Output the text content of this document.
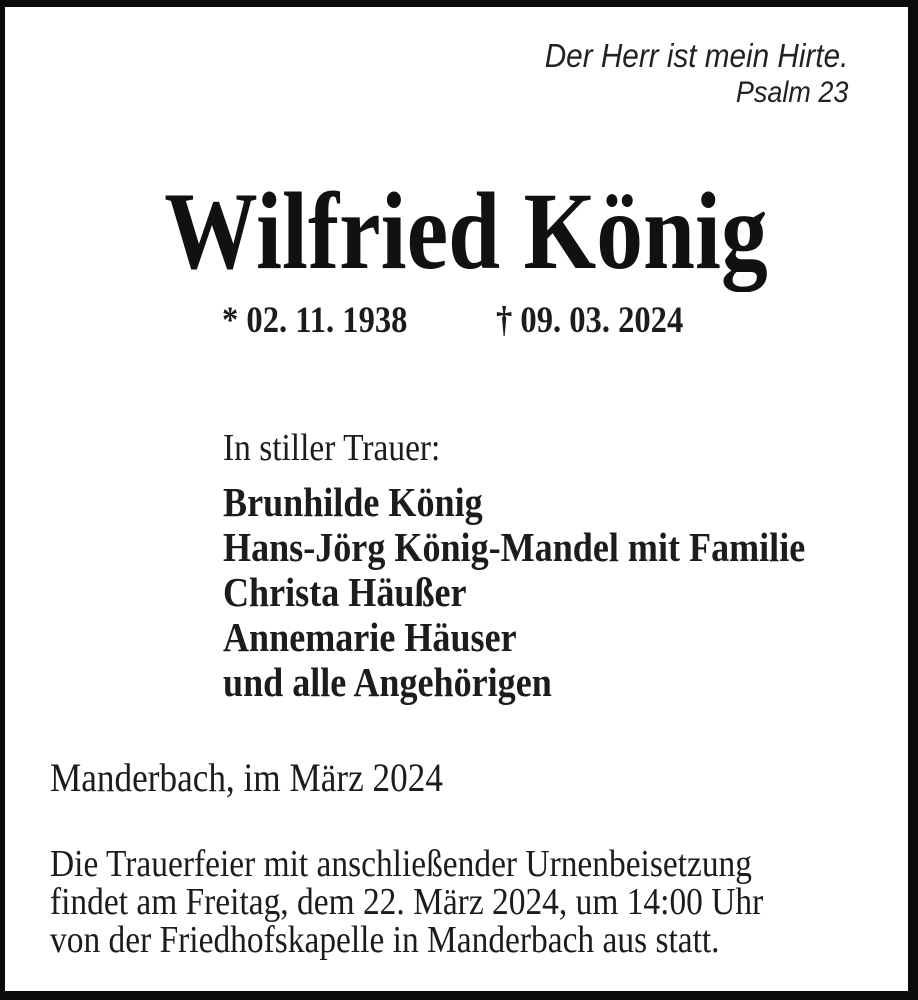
Der Herr ist mein Hirte.
Psalm 23
Wilfried König
* 02. 11. 1938 † 09. 03. 2024
In stiller Trauer:
Brunhilde König
Hans-Jörg König-Mandel mit Familie
Christa Häußer
Annemarie Häuser
und alle Angehörigen
Manderbach, im März 2024
Die Trauerfeier mit anschließender Urnenbeisetzung
findet am Freitag, dem 22. März 2024, um 14:00 Uhr
von der Friedhofskapelle in Manderbach aus statt.
